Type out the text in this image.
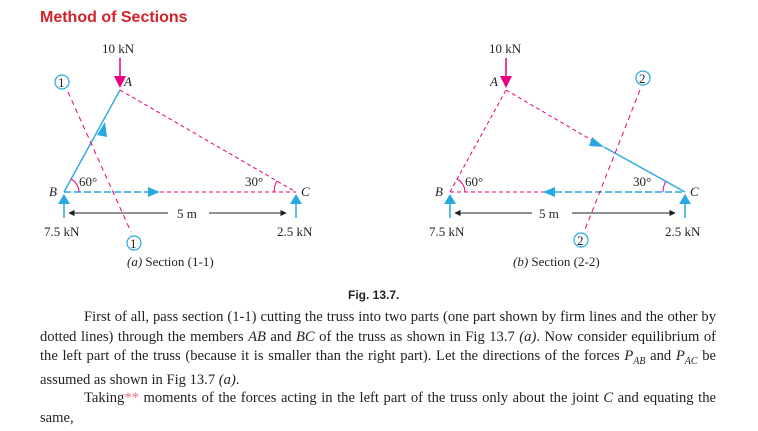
Method of Sections
10 kN
A
1
1
60°	30°
B	C
7.5 kN	2.5 kN
5 m
(a) Section (1-1)
10 kN
A	2
2
60°	30°
B	C
7.5 kN	2.5 kN
5 m
(b) Section (2-2)
Fig. 13.7.

First of all, pass section (1-1) cutting the truss into two parts (one part shown by firm lines and the other by dotted lines) through the members AB and BC of the truss as shown in Fig 13.7 (a). Now consider equilibrium of the left part of the truss (because it is smaller than the right part). Let the directions of the forces $P_{AB}$ and $P_{AC}$ be assumed as shown in Fig 13.7 (a).

Taking** moments of the forces acting in the left part of the truss only about the joint C and equating the same,
